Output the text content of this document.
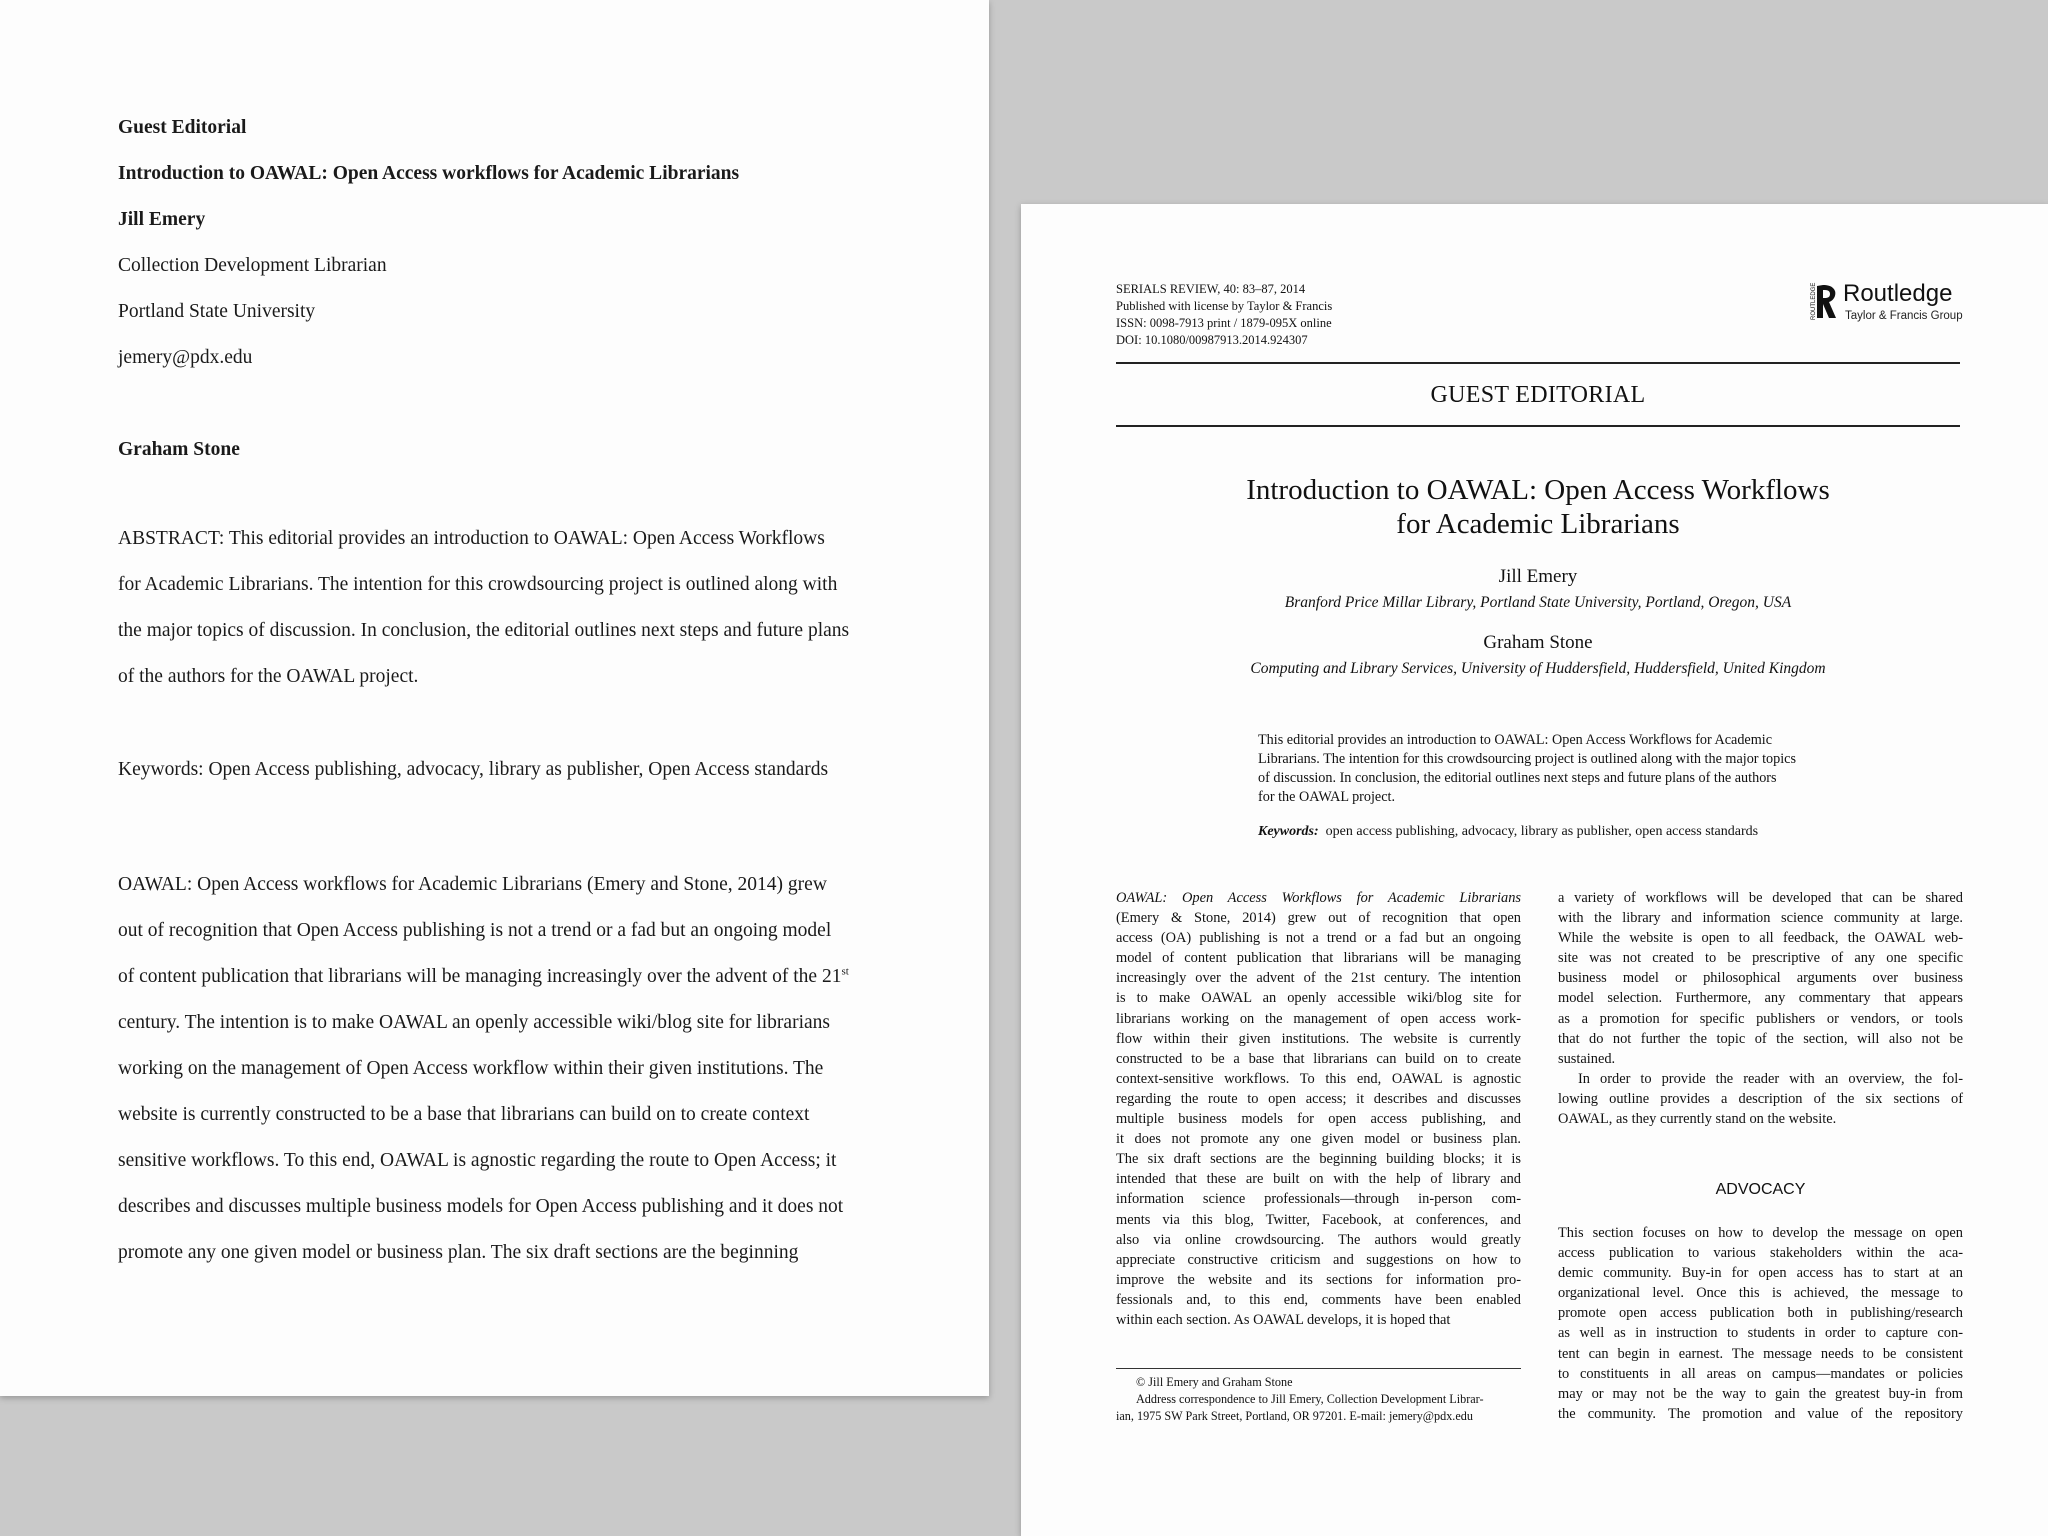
Guest Editorial

Introduction to OAWAL: Open Access workflows for Academic Librarians

Jill Emery

Collection Development Librarian

Portland State University

jemery@pdx.edu

Graham Stone

ABSTRACT: This editorial provides an introduction to OAWAL: Open Access Workflows

for Academic Librarians. The intention for this crowdsourcing project is outlined along with

the major topics of discussion. In conclusion, the editorial outlines next steps and future plans

of the authors for the OAWAL project.

Keywords: Open Access publishing, advocacy, library as publisher, Open Access standards

OAWAL: Open Access workflows for Academic Librarians (Emery and Stone, 2014) grew

out of recognition that Open Access publishing is not a trend or a fad but an ongoing model

of content publication that librarians will be managing increasingly over the advent of the 21st

century. The intention is to make OAWAL an openly accessible wiki/blog site for librarians

working on the management of Open Access workflow within their given institutions. The

website is currently constructed to be a base that librarians can build on to create context

sensitive workflows. To this end, OAWAL is agnostic regarding the route to Open Access; it

describes and discusses multiple business models for Open Access publishing and it does not

promote any one given model or business plan. The six draft sections are the beginning

SERIALS REVIEW, 40: 83–87, 2014
Published with license by Taylor & Francis
ISSN: 0098-7913 print / 1879-095X online
DOI: 10.1080/00987913.2014.924307
ROUTLEDGE Routledge
Taylor & Francis Group

GUEST EDITORIAL

Introduction to OAWAL: Open Access Workflows
for Academic Librarians

Jill Emery

Branford Price Millar Library, Portland State University, Portland, Oregon, USA

Graham Stone

Computing and Library Services, University of Huddersfield, Huddersfield, United Kingdom

This editorial provides an introduction to OAWAL: Open Access Workflows for Academic
Librarians. The intention for this crowdsourcing project is outlined along with the major topics
of discussion. In conclusion, the editorial outlines next steps and future plans of the authors
for the OAWAL project.

Keywords: open access publishing, advocacy, library as publisher, open access standards

OAWAL: Open Access Workflows for Academic Librarians
(Emery & Stone, 2014) grew out of recognition that open
access (OA) publishing is not a trend or a fad but an ongoing
model of content publication that librarians will be managing
increasingly over the advent of the 21st century. The intention
is to make OAWAL an openly accessible wiki/blog site for
librarians working on the management of open access work-
flow within their given institutions. The website is currently
constructed to be a base that librarians can build on to create
context-sensitive workflows. To this end, OAWAL is agnostic
regarding the route to open access; it describes and discusses
multiple business models for open access publishing, and
it does not promote any one given model or business plan.
The six draft sections are the beginning building blocks; it is
intended that these are built on with the help of library and
information science professionals—through in-person com-
ments via this blog, Twitter, Facebook, at conferences, and
also via online crowdsourcing. The authors would greatly
appreciate constructive criticism and suggestions on how to
improve the website and its sections for information pro-
fessionals and, to this end, comments have been enabled
within each section. As OAWAL develops, it is hoped that
a variety of workflows will be developed that can be shared
with the library and information science community at large.
While the website is open to all feedback, the OAWAL web-
site was not created to be prescriptive of any one specific
business model or philosophical arguments over business
model selection. Furthermore, any commentary that appears
as a promotion for specific publishers or vendors, or tools
that do not further the topic of the section, will also not be
sustained.
In order to provide the reader with an overview, the fol-
lowing outline provides a description of the six sections of
OAWAL, as they currently stand on the website.

ADVOCACY

This section focuses on how to develop the message on open
access publication to various stakeholders within the aca-
demic community. Buy-in for open access has to start at an
organizational level. Once this is achieved, the message to
promote open access publication both in publishing/research
as well as in instruction to students in order to capture con-
tent can begin in earnest. The message needs to be consistent
to constituents in all areas on campus—mandates or policies
may or may not be the way to gain the greatest buy-in from
the community. The promotion and value of the repository
© Jill Emery and Graham Stone
Address correspondence to Jill Emery, Collection Development Librar-
ian, 1975 SW Park Street, Portland, OR 97201. E-mail: jemery@pdx.edu
